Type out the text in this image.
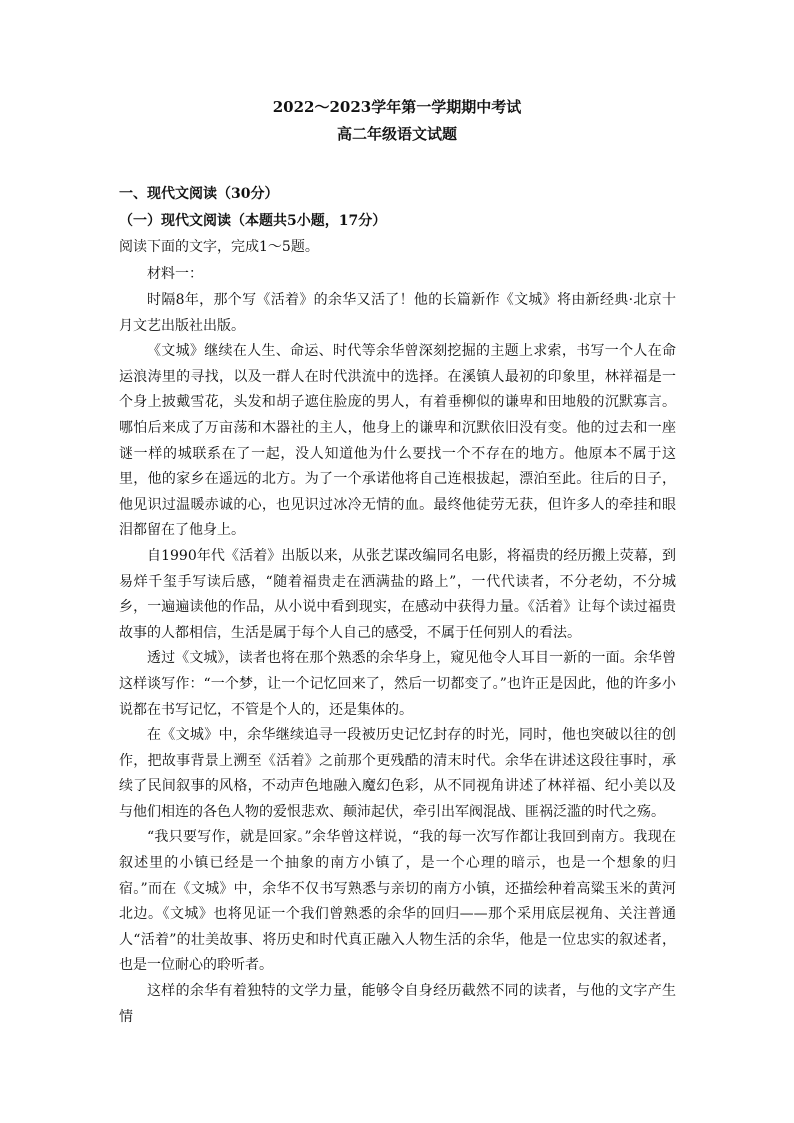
2022～2023学年第一学期期中考试
高二年级语文试题
一、现代文阅读（30分）
（一）现代文阅读（本题共5小题，17分）
阅读下面的文字，完成1～5题。
材料一：

时隔8年，那个写《活着》的余华又活了！他的长篇新作《文城》将由新经典·北京十月文艺出版社出版。

《文城》继续在人生、命运、时代等余华曾深刻挖掘的主题上求索，书写一个人在命运浪涛里的寻找，以及一群人在时代洪流中的选择。在溪镇人最初的印象里，林祥福是一个身上披戴雪花，头发和胡子遮住脸庞的男人，有着垂柳似的谦卑和田地般的沉默寡言。哪怕后来成了万亩荡和木器社的主人，他身上的谦卑和沉默依旧没有变。他的过去和一座谜一样的城联系在了一起，没人知道他为什么要找一个不存在的地方。他原本不属于这里，他的家乡在遥远的北方。为了一个承诺他将自己连根拔起，漂泊至此。往后的日子，他见识过温暖赤诚的心，也见识过冰冷无情的血。最终他徒劳无获，但许多人的牵挂和眼泪都留在了他身上。

自1990年代《活着》出版以来，从张艺谋改编同名电影，将福贵的经历搬上荧幕，到易烊千玺手写读后感，“随着福贵走在洒满盐的路上”，一代代读者，不分老幼，不分城乡，一遍遍读他的作品，从小说中看到现实，在感动中获得力量。《活着》让每个读过福贵故事的人都相信，生活是属于每个人自己的感受，不属于任何别人的看法。

透过《文城》，读者也将在那个熟悉的余华身上，窥见他令人耳目一新的一面。余华曾这样谈写作：“一个梦，让一个记忆回来了，然后一切都变了。”也许正是因此，他的许多小说都在书写记忆，不管是个人的，还是集体的。

在《文城》中，余华继续追寻一段被历史记忆封存的时光，同时，他也突破以往的创作，把故事背景上溯至《活着》之前那个更残酷的清末时代。余华在讲述这段往事时，承续了民间叙事的风格，不动声色地融入魔幻色彩，从不同视角讲述了林祥福、纪小美以及与他们相连的各色人物的爱恨悲欢、颠沛起伏，牵引出军阀混战、匪祸泛滥的时代之殇。

“我只要写作，就是回家。”余华曾这样说，“我的每一次写作都让我回到南方。我现在叙述里的小镇已经是一个抽象的南方小镇了，是一个心理的暗示，也是一个想象的归宿。”而在《文城》中，余华不仅书写熟悉与亲切的南方小镇，还描绘种着高粱玉米的黄河北边。《文城》也将见证一个我们曾熟悉的余华的回归——那个采用底层视角、关注普通人“活着”的壮美故事、将历史和时代真正融入人物生活的余华，他是一位忠实的叙述者，也是一位耐心的聆听者。

这样的余华有着独特的文学力量，能够令自身经历截然不同的读者，与他的文字产生情
